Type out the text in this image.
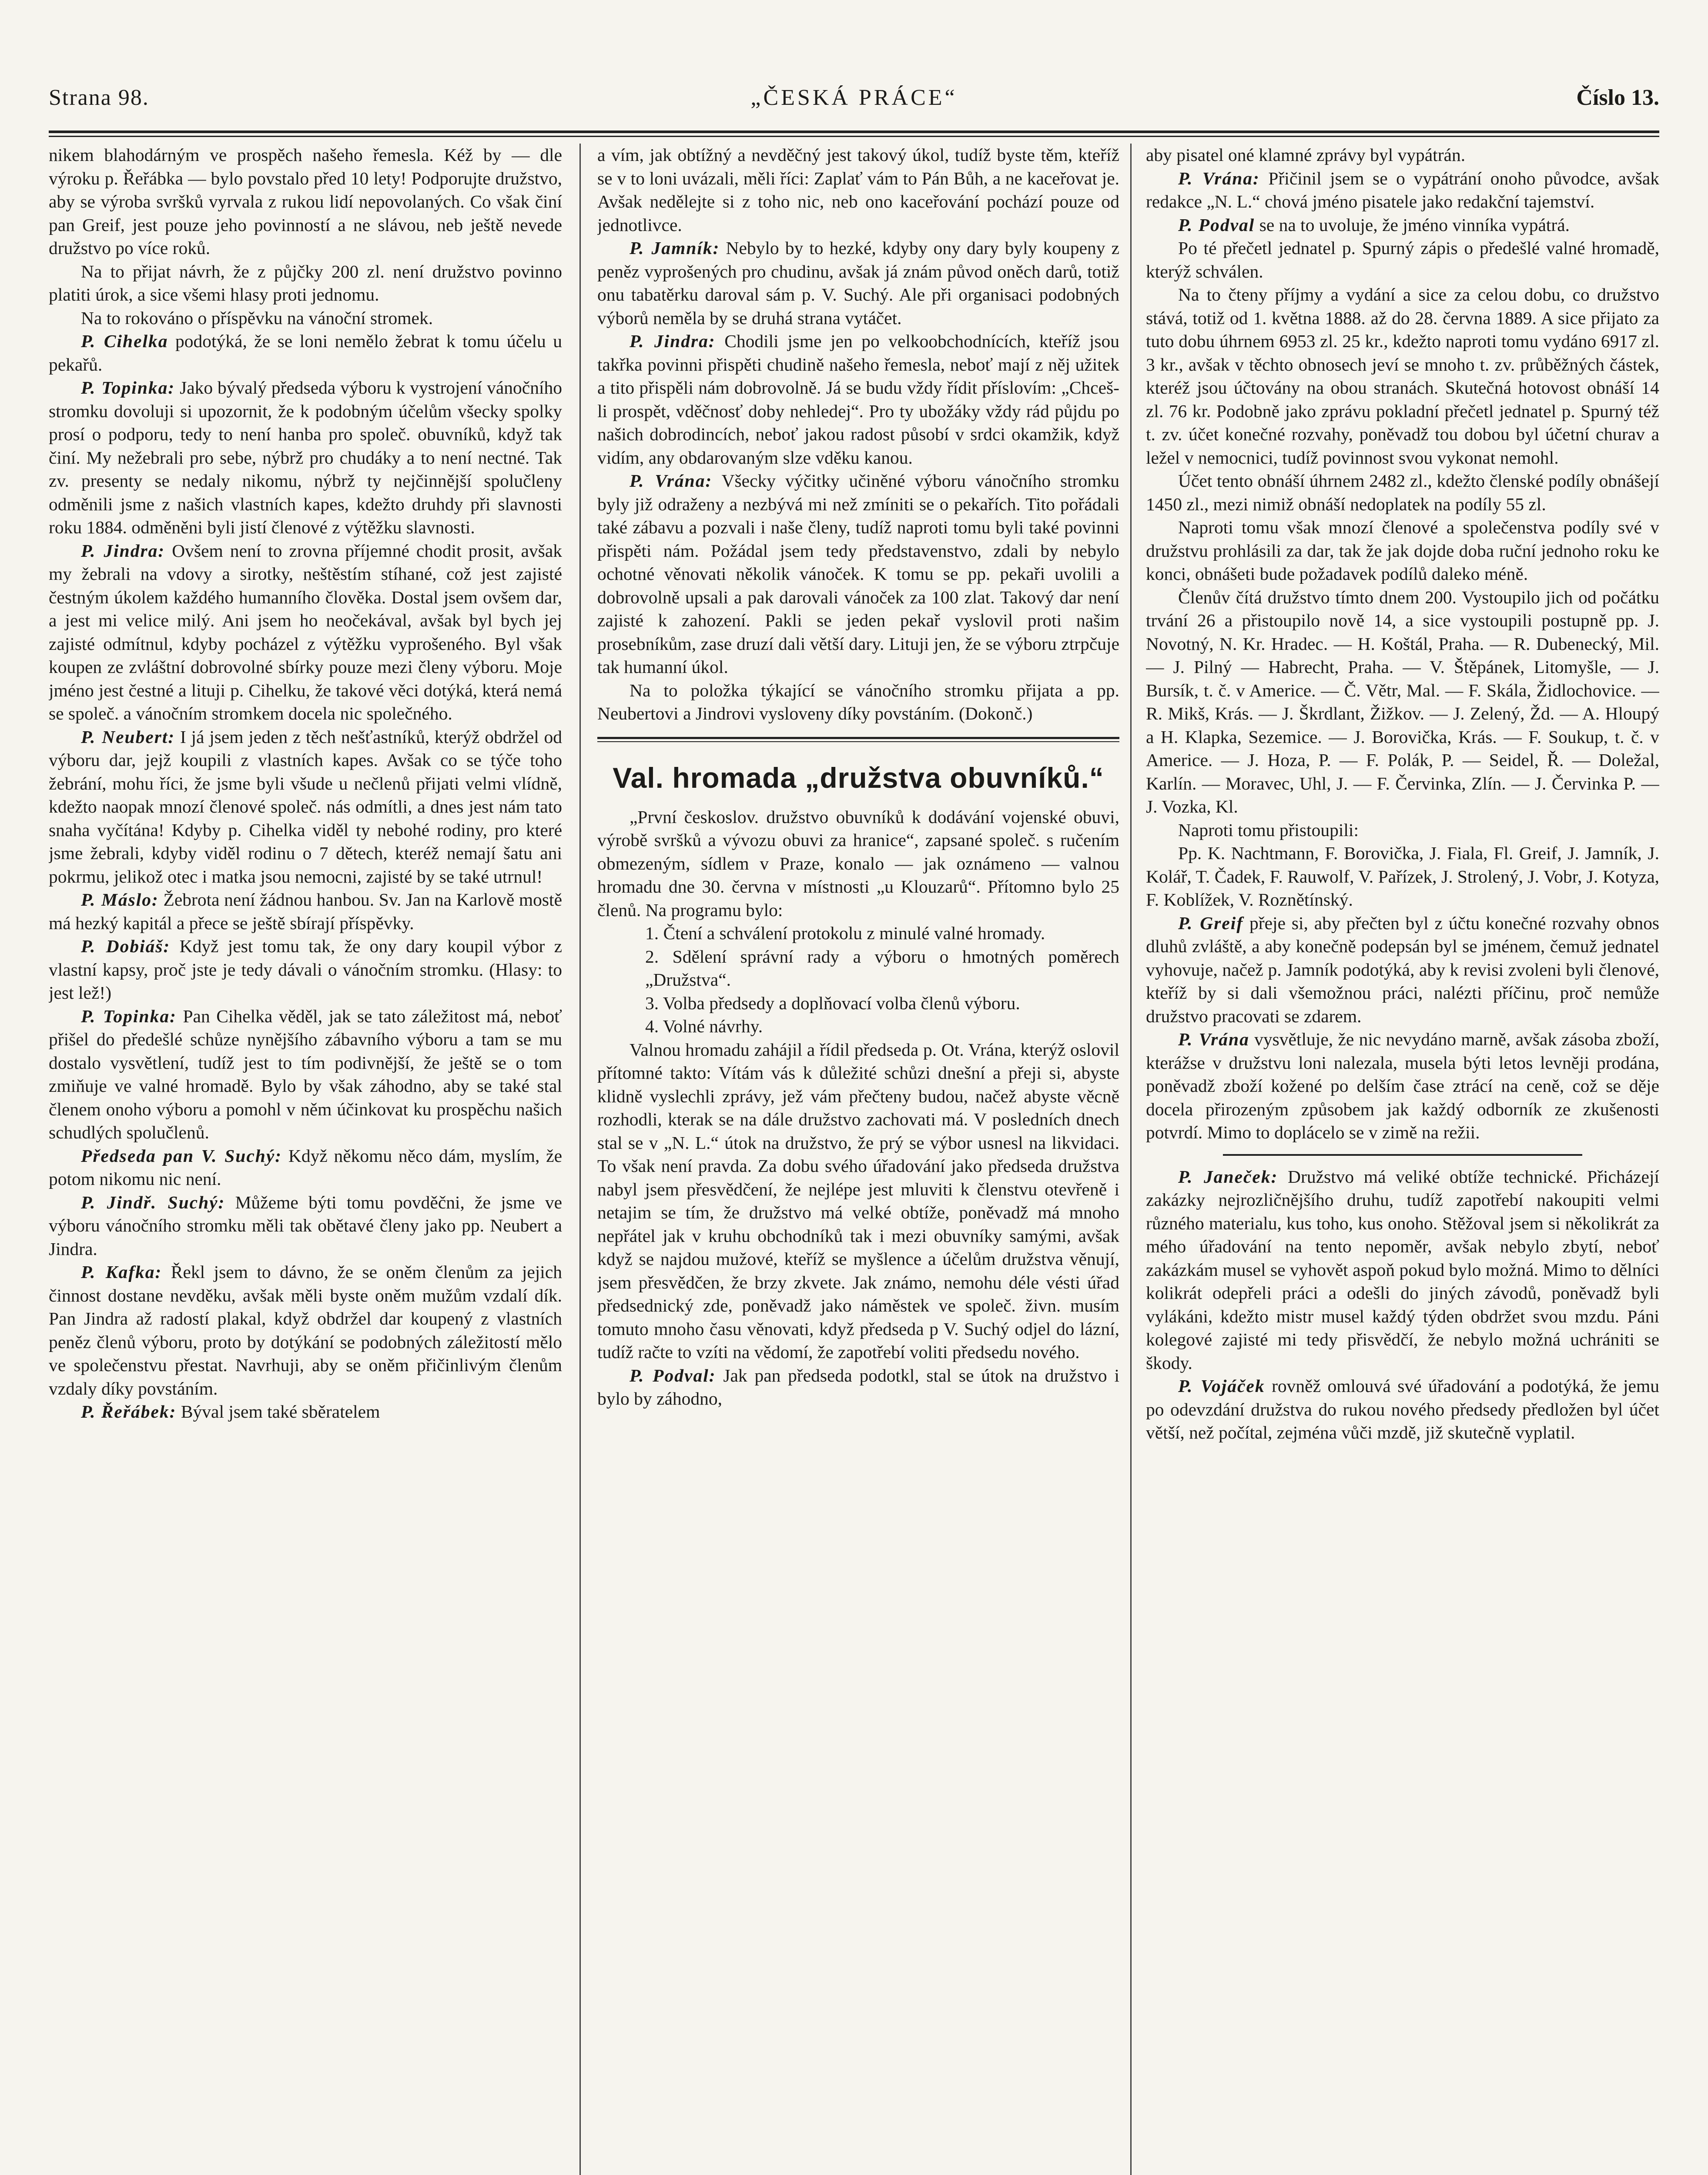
Strana 98.	„ČESKÁ PRÁCE“	Číslo 13.

nikem blahodárným ve prospěch našeho řemesla. Kéž by — dle výroku p. Řeřábka — bylo povstalo před 10 lety! Podporujte družstvo, aby se výroba svršků vyrvala z rukou lidí nepovolaných. Co však činí pan Greif, jest pouze jeho povinností a ne slávou, neb ještě nevede družstvo po více roků.

Na to přijat návrh, že z půjčky 200 zl. není družstvo povinno platiti úrok, a sice všemi hlasy proti jednomu.

Na to rokováno o příspěvku na vánoční stromek.

P. Cihelka podotýká, že se loni nemělo žebrat k tomu účelu u pekařů.

P. Topinka: Jako bývalý předseda výboru k vystrojení vánočního stromku dovoluji si upozornit, že k podobným účelům všecky spolky prosí o podporu, tedy to není hanba pro společ. obuvníků, když tak činí. My nežebrali pro sebe, nýbrž pro chudáky a to není nectné. Tak zv. presenty se nedaly nikomu, nýbrž ty nejčinnější spolučleny odměnili jsme z našich vlastních kapes, kdežto druhdy při slavnosti roku 1884. odměněni byli jistí členové z výtěžku slavnosti.

P. Jindra: Ovšem není to zrovna příjemné chodit prosit, avšak my žebrali na vdovy a sirotky, neštěstím stíhané, což jest zajisté čestným úkolem každého humanního člověka. Dostal jsem ovšem dar, a jest mi velice milý. Ani jsem ho neočekával, avšak byl bych jej zajisté odmítnul, kdyby pocházel z výtěžku vyprošeného. Byl však koupen ze zvláštní dobrovolné sbírky pouze mezi členy výboru. Moje jméno jest čestné a lituji p. Cihelku, že takové věci dotýká, která nemá se společ. a vánočním stromkem docela nic společného.

P. Neubert: I já jsem jeden z těch nešťastníků, kterýž obdržel od výboru dar, jejž koupili z vlastních kapes. Avšak co se týče toho žebrání, mohu říci, že jsme byli všude u nečlenů přijati velmi vlídně, kdežto naopak mnozí členové společ. nás odmítli, a dnes jest nám tato snaha vyčítána! Kdyby p. Cihelka viděl ty nebohé rodiny, pro které jsme žebrali, kdyby viděl rodinu o 7 dětech, kteréž nemají šatu ani pokrmu, jelikož otec i matka jsou nemocni, zajisté by se také utrnul!

P. Máslo: Žebrota není žádnou hanbou. Sv. Jan na Karlově mostě má hezký kapitál a přece se ještě sbírají příspěvky.

P. Dobiáš: Když jest tomu tak, že ony dary koupil výbor z vlastní kapsy, proč jste je tedy dávali o vánočním stromku. (Hlasy: to jest lež!)

P. Topinka: Pan Cihelka věděl, jak se tato záležitost má, neboť přišel do předešlé schůze nynějšího zábavního výboru a tam se mu dostalo vysvětlení, tudíž jest to tím podivnější, že ještě se o tom zmiňuje ve valné hromadě. Bylo by však záhodno, aby se také stal členem onoho výboru a pomohl v něm účinkovat ku prospěchu našich schudlých spolučlenů.

Předseda pan V. Suchý: Když někomu něco dám, myslím, že potom nikomu nic není.

P. Jindř. Suchý: Můžeme býti tomu povděčni, že jsme ve výboru vánočního stromku měli tak obětavé členy jako pp. Neubert a Jindra.

P. Kafka: Řekl jsem to dávno, že se oněm členům za jejich činnost dostane nevděku, avšak měli byste oněm mužům vzdalí dík. Pan Jindra až radostí plakal, když obdržel dar koupený z vlastních peněz členů výboru, proto by dotýkání se podobných záležitostí mělo ve společenstvu přestat. Navrhuji, aby se oněm přičinlivým členům vzdaly díky povstáním.

P. Řeřábek: Býval jsem také sběratelem

a vím, jak obtížný a nevděčný jest takový úkol, tudíž byste těm, kteříž se v to loni uvázali, měli říci: Zaplať vám to Pán Bůh, a ne kaceřovat je. Avšak nedělejte si z toho nic, neb ono kaceřování pochází pouze od jednotlivce.

P. Jamník: Nebylo by to hezké, kdyby ony dary byly koupeny z peněz vyprošených pro chudinu, avšak já znám původ oněch darů, totiž onu tabatěrku daroval sám p. V. Suchý. Ale při organisaci podobných výborů neměla by se druhá strana vytáčet.

P. Jindra: Chodili jsme jen po velkoobchodnících, kteříž jsou takřka povinni přispěti chudině našeho řemesla, neboť mají z něj užitek a tito přispěli nám dobrovolně. Já se budu vždy řídit příslovím: „Chceš-li prospět, vděčnosť doby nehledej“. Pro ty ubožáky vždy rád půjdu po našich dobrodincích, neboť jakou radost působí v srdci okamžik, když vidím, any obdarovaným slze vděku kanou.

P. Vrána: Všecky výčitky učiněné výboru vánočního stromku byly již odraženy a nezbývá mi než zmíniti se o pekařích. Tito pořádali také zábavu a pozvali i naše členy, tudíž naproti tomu byli také povinni přispěti nám. Požádal jsem tedy představenstvo, zdali by nebylo ochotné věnovati několik vánoček. K tomu se pp. pekaři uvolili a dobrovolně upsali a pak darovali vánoček za 100 zlat. Takový dar není zajisté k zahození. Pakli se jeden pekař vyslovil proti našim prosebníkům, zase druzí dali větší dary. Lituji jen, že se výboru ztrpčuje tak humanní úkol.

Na to položka týkající se vánočního stromku přijata a pp. Neubertovi a Jindrovi vysloveny díky povstáním. (Dokonč.)

Val. hromada „družstva obuvníků.“

„První českoslov. družstvo obuvníků k dodávání vojenské obuvi, výrobě svršků a vývozu obuvi za hranice“, zapsané společ. s ručením obmezeným, sídlem v Praze, konalo — jak oznámeno — valnou hromadu dne 30. června v místnosti „u Klouzarů“. Přítomno bylo 25 členů. Na programu bylo:

1. Čtení a schválení protokolu z minulé valné hromady.

2. Sdělení správní rady a výboru o hmotných poměrech „Družstva“.

3. Volba předsedy a doplňovací volba členů výboru.

4. Volné návrhy.

Valnou hromadu zahájil a řídil předseda p. Ot. Vrána, kterýž oslovil přítomné takto: Vítám vás k důležité schůzi dnešní a přeji si, abyste klidně vyslechli zprávy, jež vám přečteny budou, načež abyste věcně rozhodli, kterak se na dále družstvo zachovati má. V posledních dnech stal se v „N. L.“ útok na družstvo, že prý se výbor usnesl na likvidaci. To však není pravda. Za dobu svého úřadování jako předseda družstva nabyl jsem přesvědčení, že nejlépe jest mluviti k členstvu otevřeně i netajim se tím, že družstvo má velké obtíže, poněvadž má mnoho nepřátel jak v kruhu obchodníků tak i mezi obuvníky samými, avšak když se najdou mužové, kteříž se myšlence a účelům družstva věnují, jsem přesvědčen, že brzy zkvete. Jak známo, nemohu déle vésti úřad předsednický zde, poněvadž jako náměstek ve společ. živn. musím tomuto mnoho času věnovati, když předseda p V. Suchý odjel do lázní, tudíž račte to vzíti na vědomí, že zapotřebí voliti předsedu nového.

P. Podval: Jak pan předseda podotkl, stal se útok na družstvo i bylo by záhodno,

aby pisatel oné klamné zprávy byl vypátrán.

P. Vrána: Přičinil jsem se o vypátrání onoho původce, avšak redakce „N. L.“ chová jméno pisatele jako redakční tajemství.

P. Podval se na to uvoluje, že jméno vinníka vypátrá.

Po té přečetl jednatel p. Spurný zápis o předešlé valné hromadě, kterýž schválen.

Na to čteny příjmy a vydání a sice za celou dobu, co družstvo stává, totiž od 1. května 1888. až do 28. června 1889. A sice přijato za tuto dobu úhrnem 6953 zl. 25 kr., kdežto naproti tomu vydáno 6917 zl. 3 kr., avšak v těchto obnosech jeví se mnoho t. zv. průběžných částek, kteréž jsou účtovány na obou stranách. Skutečná hotovost obnáší 14 zl. 76 kr. Podobně jako zprávu pokladní přečetl jednatel p. Spurný též t. zv. účet konečné rozvahy, poněvadž tou dobou byl účetní churav a ležel v nemocnici, tudíž povinnost svou vykonat nemohl.

Účet tento obnáší úhrnem 2482 zl., kdežto členské podíly obnášejí 1450 zl., mezi nimiž obnáší nedoplatek na podíly 55 zl.

Naproti tomu však mnozí členové a společenstva podíly své v družstvu prohlásili za dar, tak že jak dojde doba ruční jednoho roku ke konci, obnášeti bude požadavek podílů daleko méně.

Členův čítá družstvo tímto dnem 200. Vystoupilo jich od počátku trvání 26 a přistoupilo nově 14, a sice vystoupili postupně pp. J. Novotný, N. Kr. Hradec. — H. Koštál, Praha. — R. Dubenecký, Mil. — J. Pilný — Habrecht, Praha. — V. Štěpánek, Litomyšle, — J. Bursík, t. č. v Americe. — Č. Větr, Mal. — F. Skála, Židlochovice. — R. Mikš, Krás. — J. Škrdlant, Žižkov. — J. Zelený, Žd. — A. Hloupý a H. Klapka, Sezemice. — J. Borovička, Krás. — F. Soukup, t. č. v Americe. — J. Hoza, P. — F. Polák, P. — Seidel, Ř. — Doležal, Karlín. — Moravec, Uhl, J. — F. Červinka, Zlín. — J. Červinka P. — J. Vozka, Kl.

Naproti tomu přistoupili:

Pp. K. Nachtmann, F. Borovička, J. Fiala, Fl. Greif, J. Jamník, J. Kolář, T. Čadek, F. Rauwolf, V. Pařízek, J. Strolený, J. Vobr, J. Kotyza, F. Koblížek, V. Roznětínský.

P. Greif přeje si, aby přečten byl z účtu konečné rozvahy obnos dluhů zvláště, a aby konečně podepsán byl se jménem, čemuž jednatel vyhovuje, načež p. Jamník podotýká, aby k revisi zvoleni byli členové, kteříž by si dali všemožnou práci, nalézti příčinu, proč nemůže družstvo pracovati se zdarem.

P. Vrána vysvětluje, že nic nevydáno marně, avšak zásoba zboží, kterážse v družstvu loni nalezala, musela býti letos levněji prodána, poněvadž zboží kožené po delším čase ztrácí na ceně, což se děje docela přirozeným způsobem jak každý odborník ze zkušenosti potvrdí. Mimo to doplácelo se v zimě na režii.

P. Janeček: Družstvo má veliké obtíže technické. Přicházejí zakázky nejrozličnějšího druhu, tudíž zapotřebí nakoupiti velmi různého materialu, kus toho, kus onoho. Stěžoval jsem si několikrát za mého úřadování na tento nepoměr, avšak nebylo zbytí, neboť zakázkám musel se vyhovět aspoň pokud bylo možná. Mimo to dělníci kolikrát odepřeli práci a odešli do jiných závodů, poněvadž byli vylákáni, kdežto mistr musel každý týden obdržet svou mzdu. Páni kolegové zajisté mi tedy přisvědčí, že nebylo možná uchrániti se škody.

P. Vojáček rovněž omlouvá své úřadování a podotýká, že jemu po odevzdání družstva do rukou nového předsedy předložen byl účet větší, než počítal, zejména vůči mzdě, již skutečně vyplatil.
